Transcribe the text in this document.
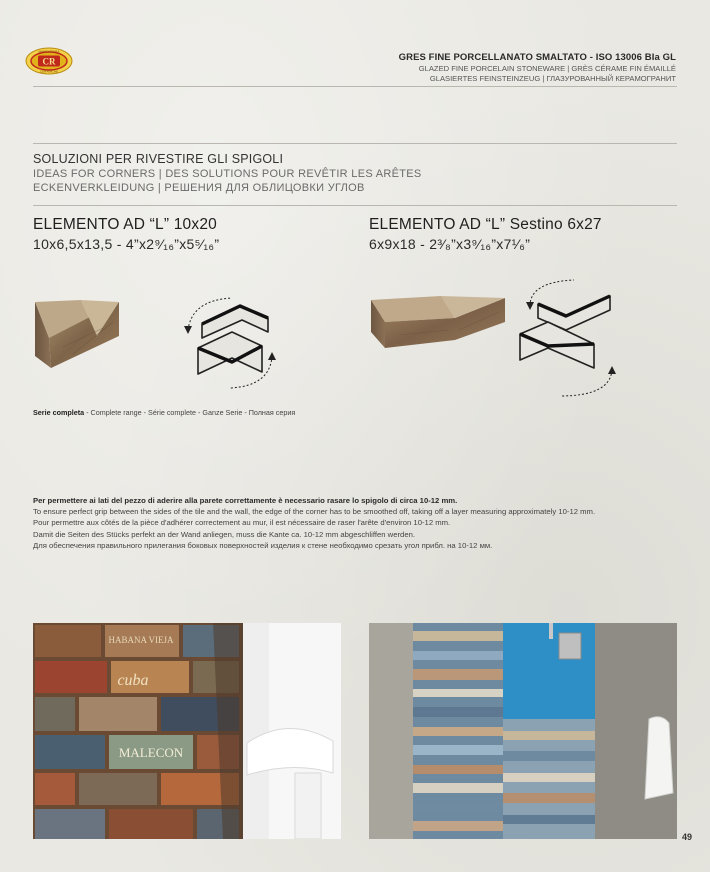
CR
MANIFATTURA
CERAMICHE
GRES FINE PORCELLANATO SMALTATO - ISO 13006 BIa GL
GLAZED FINE PORCELAIN STONEWARE | GRÈS CÉRAME FIN ÉMAILLÉ
GLASIERTES FEINSTEINZEUG | ГЛАЗУРОВАННЫЙ КЕРАМОГРАНИТ
SOLUZIONI PER RIVESTIRE GLI SPIGOLI
IDEAS FOR CORNERS | DES SOLUTIONS POUR REVÊTIR LES ARÊTES
ECKENVERKLEIDUNG | РЕШЕНИЯ ДЛЯ ОБЛИЦОВКИ УГЛОВ
ELEMENTO AD “L” 10x20
10x6,5x13,5 - 4”x2⁹⁄₁₆”x5⁵⁄₁₆”
ELEMENTO AD “L” Sestino 6x27
6x9x18 - 2³⁄₈”x3⁹⁄₁₆”x7¹⁄₆”
Serie completa - Complete range - Série complete - Ganze Serie - Полная серия
Per permettere ai lati del pezzo di aderire alla parete correttamente è necessario rasare lo spigolo di circa 10-12 mm.
To ensure perfect grip between the sides of the tile and the wall, the edge of the corner has to be smoothed off, taking off a layer measuring approximately 10-12 mm.
Pour permettre aux côtés de la pièce d'adhérer correctement au mur, il est nécessaire de raser l'arête d'environ 10-12 mm.
Damit die Seiten des Stücks perfekt an der Wand anliegen, muss die Kante ca. 10-12 mm abgeschliffen werden.
Для обеспечения правильного прилегания боковых поверхностей изделия к стене необходимо срезать угол прибл. на 10-12 мм.
HABANA VIEJA
cuba
MALECON
49
